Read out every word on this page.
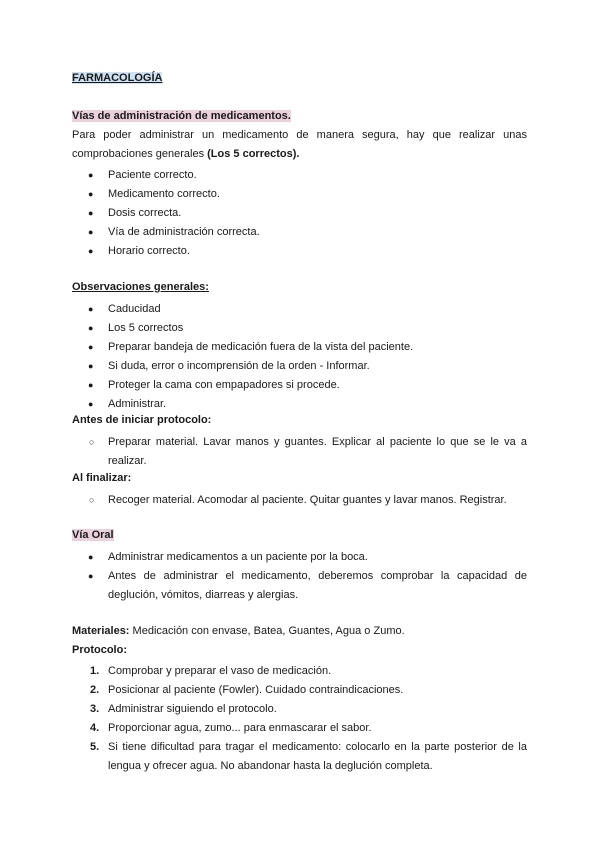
FARMACOLOGÍA
Vías de administración de medicamentos.
Para poder administrar un medicamento de manera segura, hay que realizar unas
comprobaciones generales (Los 5 correctos).
● Paciente correcto.
● Medicamento correcto.
● Dosis correcta.
● Vía de administración correcta.
● Horario correcto.
Observaciones generales:
● Caducidad
● Los 5 correctos
● Preparar bandeja de medicación fuera de la vista del paciente.
● Si duda, error o incomprensión de la orden - Informar.
● Proteger la cama con empapadores si procede.
● Administrar.
Antes de iniciar protocolo:
○ Preparar material. Lavar manos y guantes. Explicar al paciente lo que se le va a
realizar.
Al finalizar:
○ Recoger material. Acomodar al paciente. Quitar guantes y lavar manos. Registrar.
Vía Oral
● Administrar medicamentos a un paciente por la boca.
● Antes de administrar el medicamento, deberemos comprobar la capacidad de
deglución, vómitos, diarreas y alergias.
Materiales: Medicación con envase, Batea, Guantes, Agua o Zumo.
Protocolo:
1. Comprobar y preparar el vaso de medicación.
2. Posicionar al paciente (Fowler). Cuidado contraindicaciones.
3. Administrar siguiendo el protocolo.
4. Proporcionar agua, zumo... para enmascarar el sabor.
5. Si tiene dificultad para tragar el medicamento: colocarlo en la parte posterior de la
lengua y ofrecer agua. No abandonar hasta la deglución completa.
